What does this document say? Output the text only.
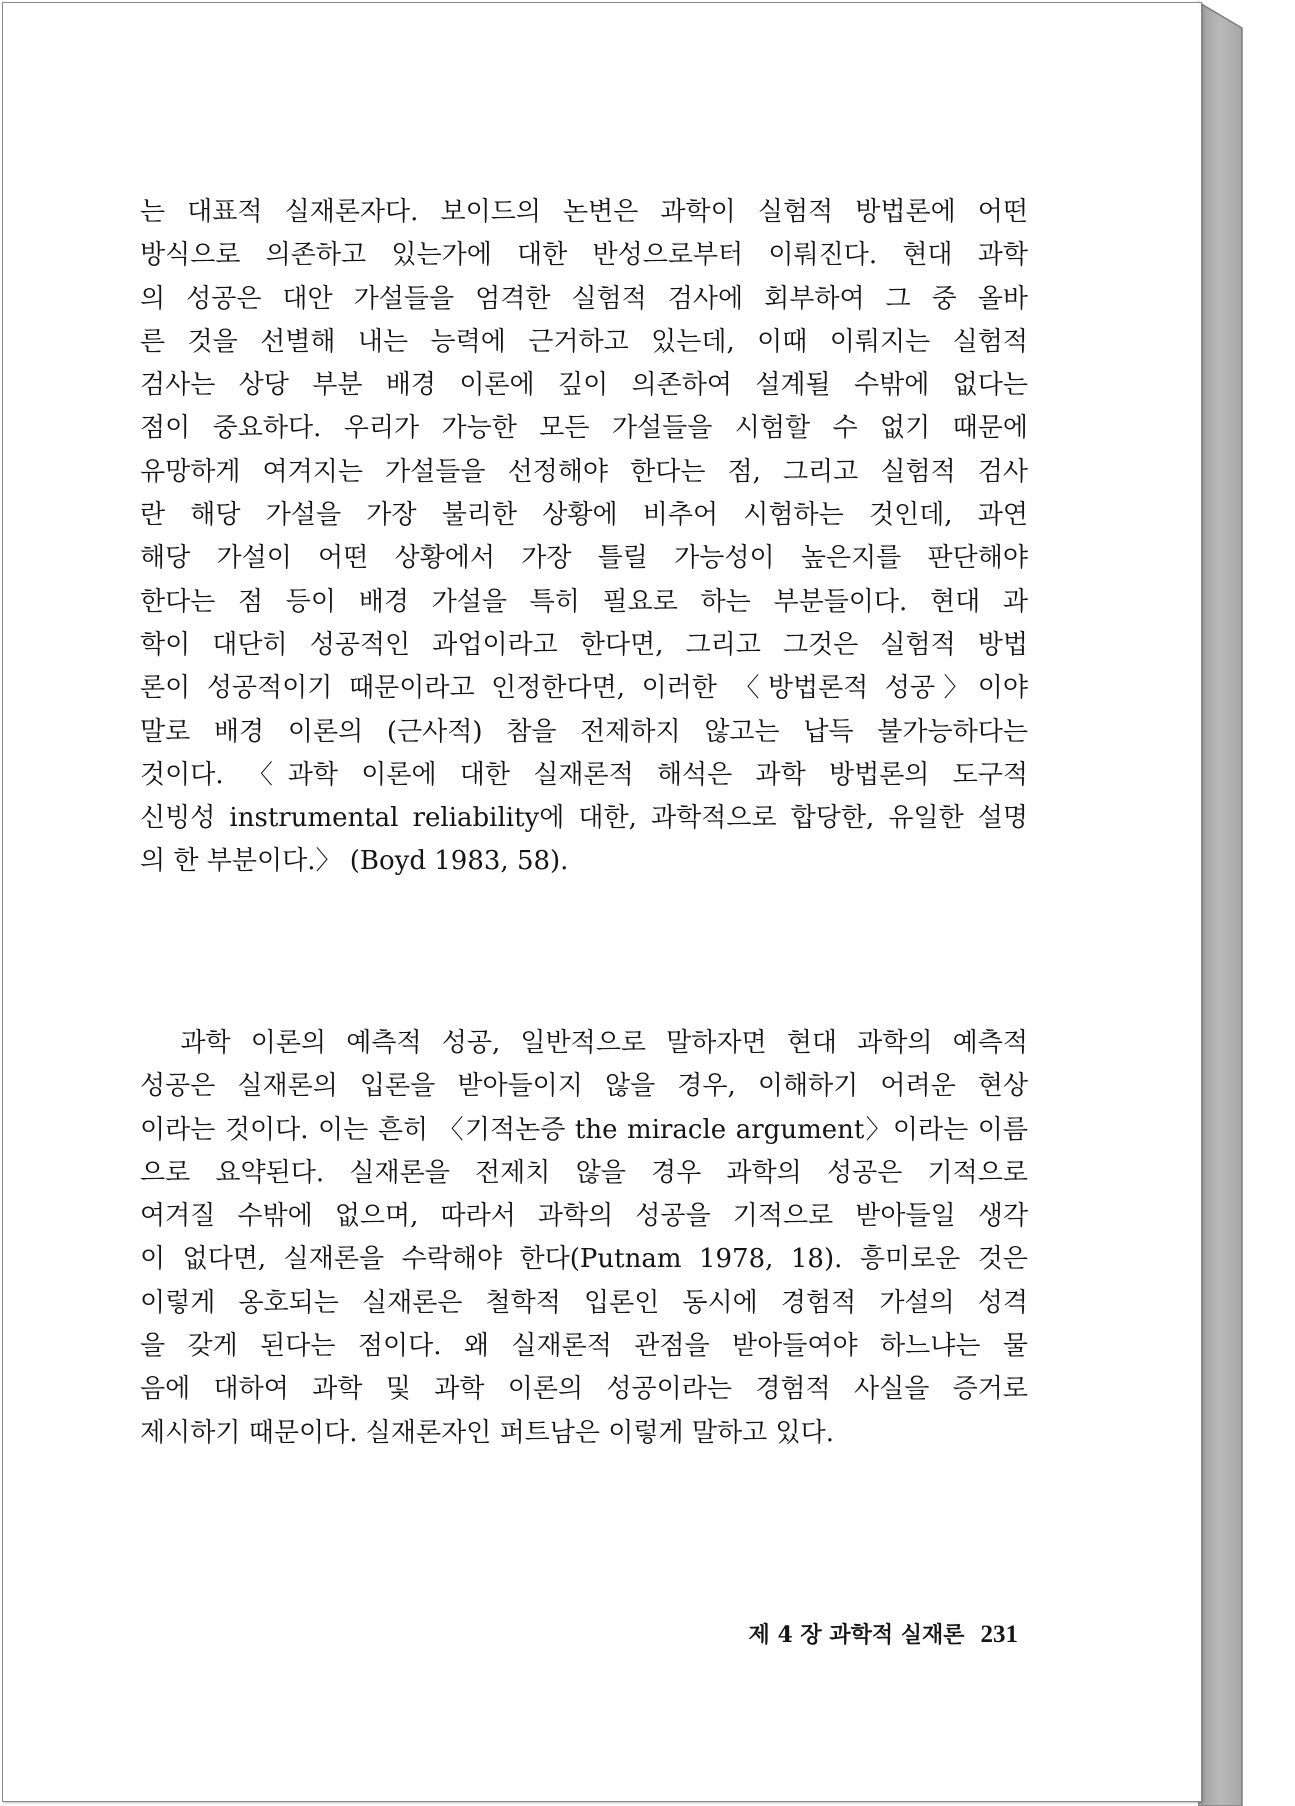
는 대표적 실재론자다. 보이드의 논변은 과학이 실험적 방법론에 어떤
방식으로 의존하고 있는가에 대한 반성으로부터 이뤄진다. 현대 과학
의 성공은 대안 가설들을 엄격한 실험적 검사에 회부하여 그 중 올바
른 것을 선별해 내는 능력에 근거하고 있는데, 이때 이뤄지는 실험적
검사는 상당 부분 배경 이론에 깊이 의존하여 설계될 수밖에 없다는
점이 중요하다. 우리가 가능한 모든 가설들을 시험할 수 없기 때문에
유망하게 여겨지는 가설들을 선정해야 한다는 점, 그리고 실험적 검사
란 해당 가설을 가장 불리한 상황에 비추어 시험하는 것인데, 과연
해당 가설이 어떤 상황에서 가장 틀릴 가능성이 높은지를 판단해야
한다는 점 등이 배경 가설을 특히 필요로 하는 부분들이다. 현대 과
학이 대단히 성공적인 과업이라고 한다면, 그리고 그것은 실험적 방법
론이 성공적이기 때문이라고 인정한다면, 이러한 〈방법론적 성공〉이야
말로 배경 이론의 (근사적) 참을 전제하지 않고는 납득 불가능하다는
것이다. 〈과학 이론에 대한 실재론적 해석은 과학 방법론의 도구적
신빙성 instrumental reliability에 대한, 과학적으로 합당한, 유일한 설명
의 한 부분이다.〉 (Boyd 1983, 58).
과학 이론의 예측적 성공, 일반적으로 말하자면 현대 과학의 예측적
성공은 실재론의 입론을 받아들이지 않을 경우, 이해하기 어려운 현상
이라는 것이다. 이는 흔히 〈기적논증 the miracle argument〉이라는 이름
으로 요약된다. 실재론을 전제치 않을 경우 과학의 성공은 기적으로
여겨질 수밖에 없으며, 따라서 과학의 성공을 기적으로 받아들일 생각
이 없다면, 실재론을 수락해야 한다(Putnam 1978, 18). 흥미로운 것은
이렇게 옹호되는 실재론은 철학적 입론인 동시에 경험적 가설의 성격
을 갖게 된다는 점이다. 왜 실재론적 관점을 받아들여야 하느냐는 물
음에 대하여 과학 및 과학 이론의 성공이라는 경험적 사실을 증거로
제시하기 때문이다. 실재론자인 퍼트남은 이렇게 말하고 있다.
제 4 장 과학적 실재론 231
